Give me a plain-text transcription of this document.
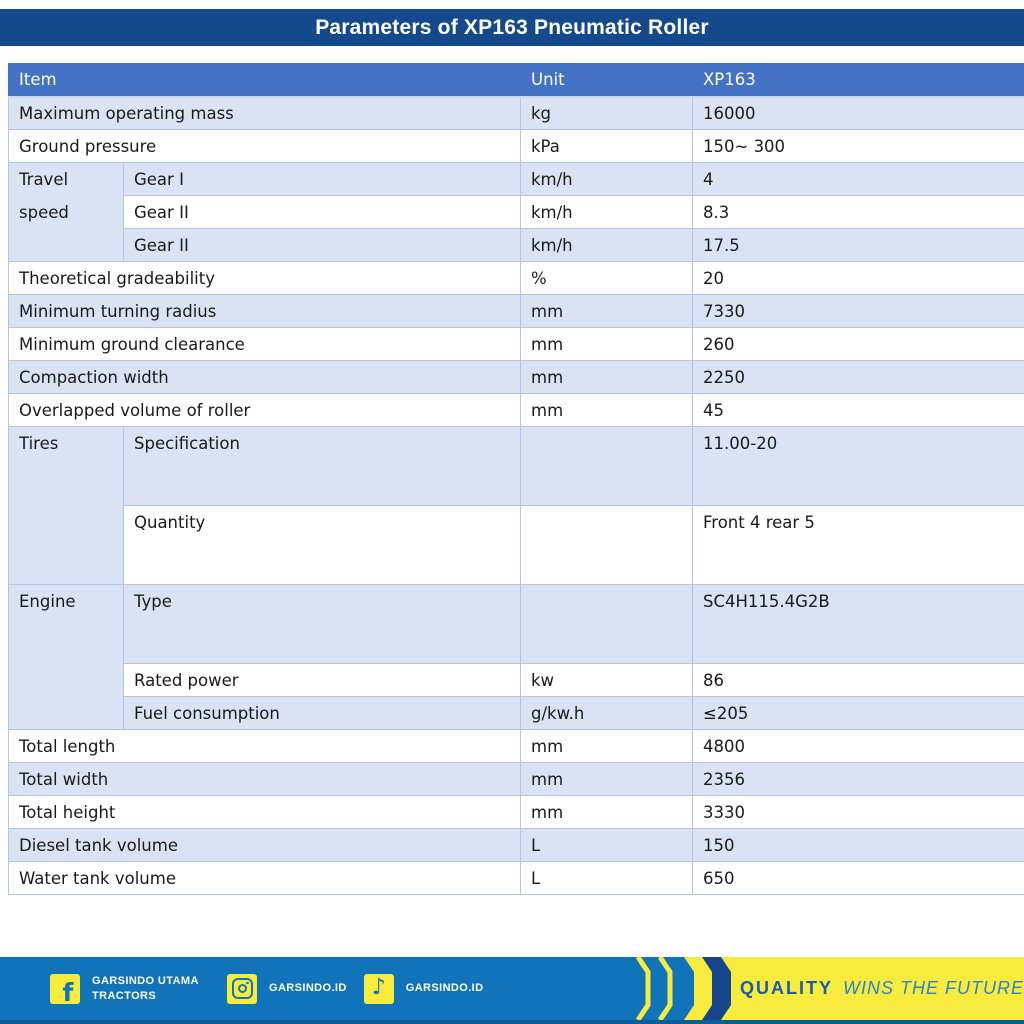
Parameters of XP163 Pneumatic Roller
Item		Unit	XP163
Maximum operating mass		kg	16000
Ground pressure		kPa	150~ 300
Travel speed	Gear I	km/h	4
	Gear II	km/h	8.3
	Gear II	km/h	17.5
Theoretical gradeability		%	20
Minimum turning radius		mm	7330
Minimum ground clearance		mm	260
Compaction width		mm	2250
Overlapped volume of roller		mm	45
Tires	Specification		11.00-20
	Quantity		Front 4 rear 5
Engine	Type		SC4H115.4G2B
	Rated power	kw	86
	Fuel consumption	g/kw.h	≤205
Total length		mm	4800
Total width		mm	2356
Total height		mm	3330
Diesel tank volume		L	150
Water tank volume		L	650
f GARSINDO UTAMA TRACTORS
GARSINDO.ID ♪ GARSINDO.ID	QUALITY WINS THE FUTURE
